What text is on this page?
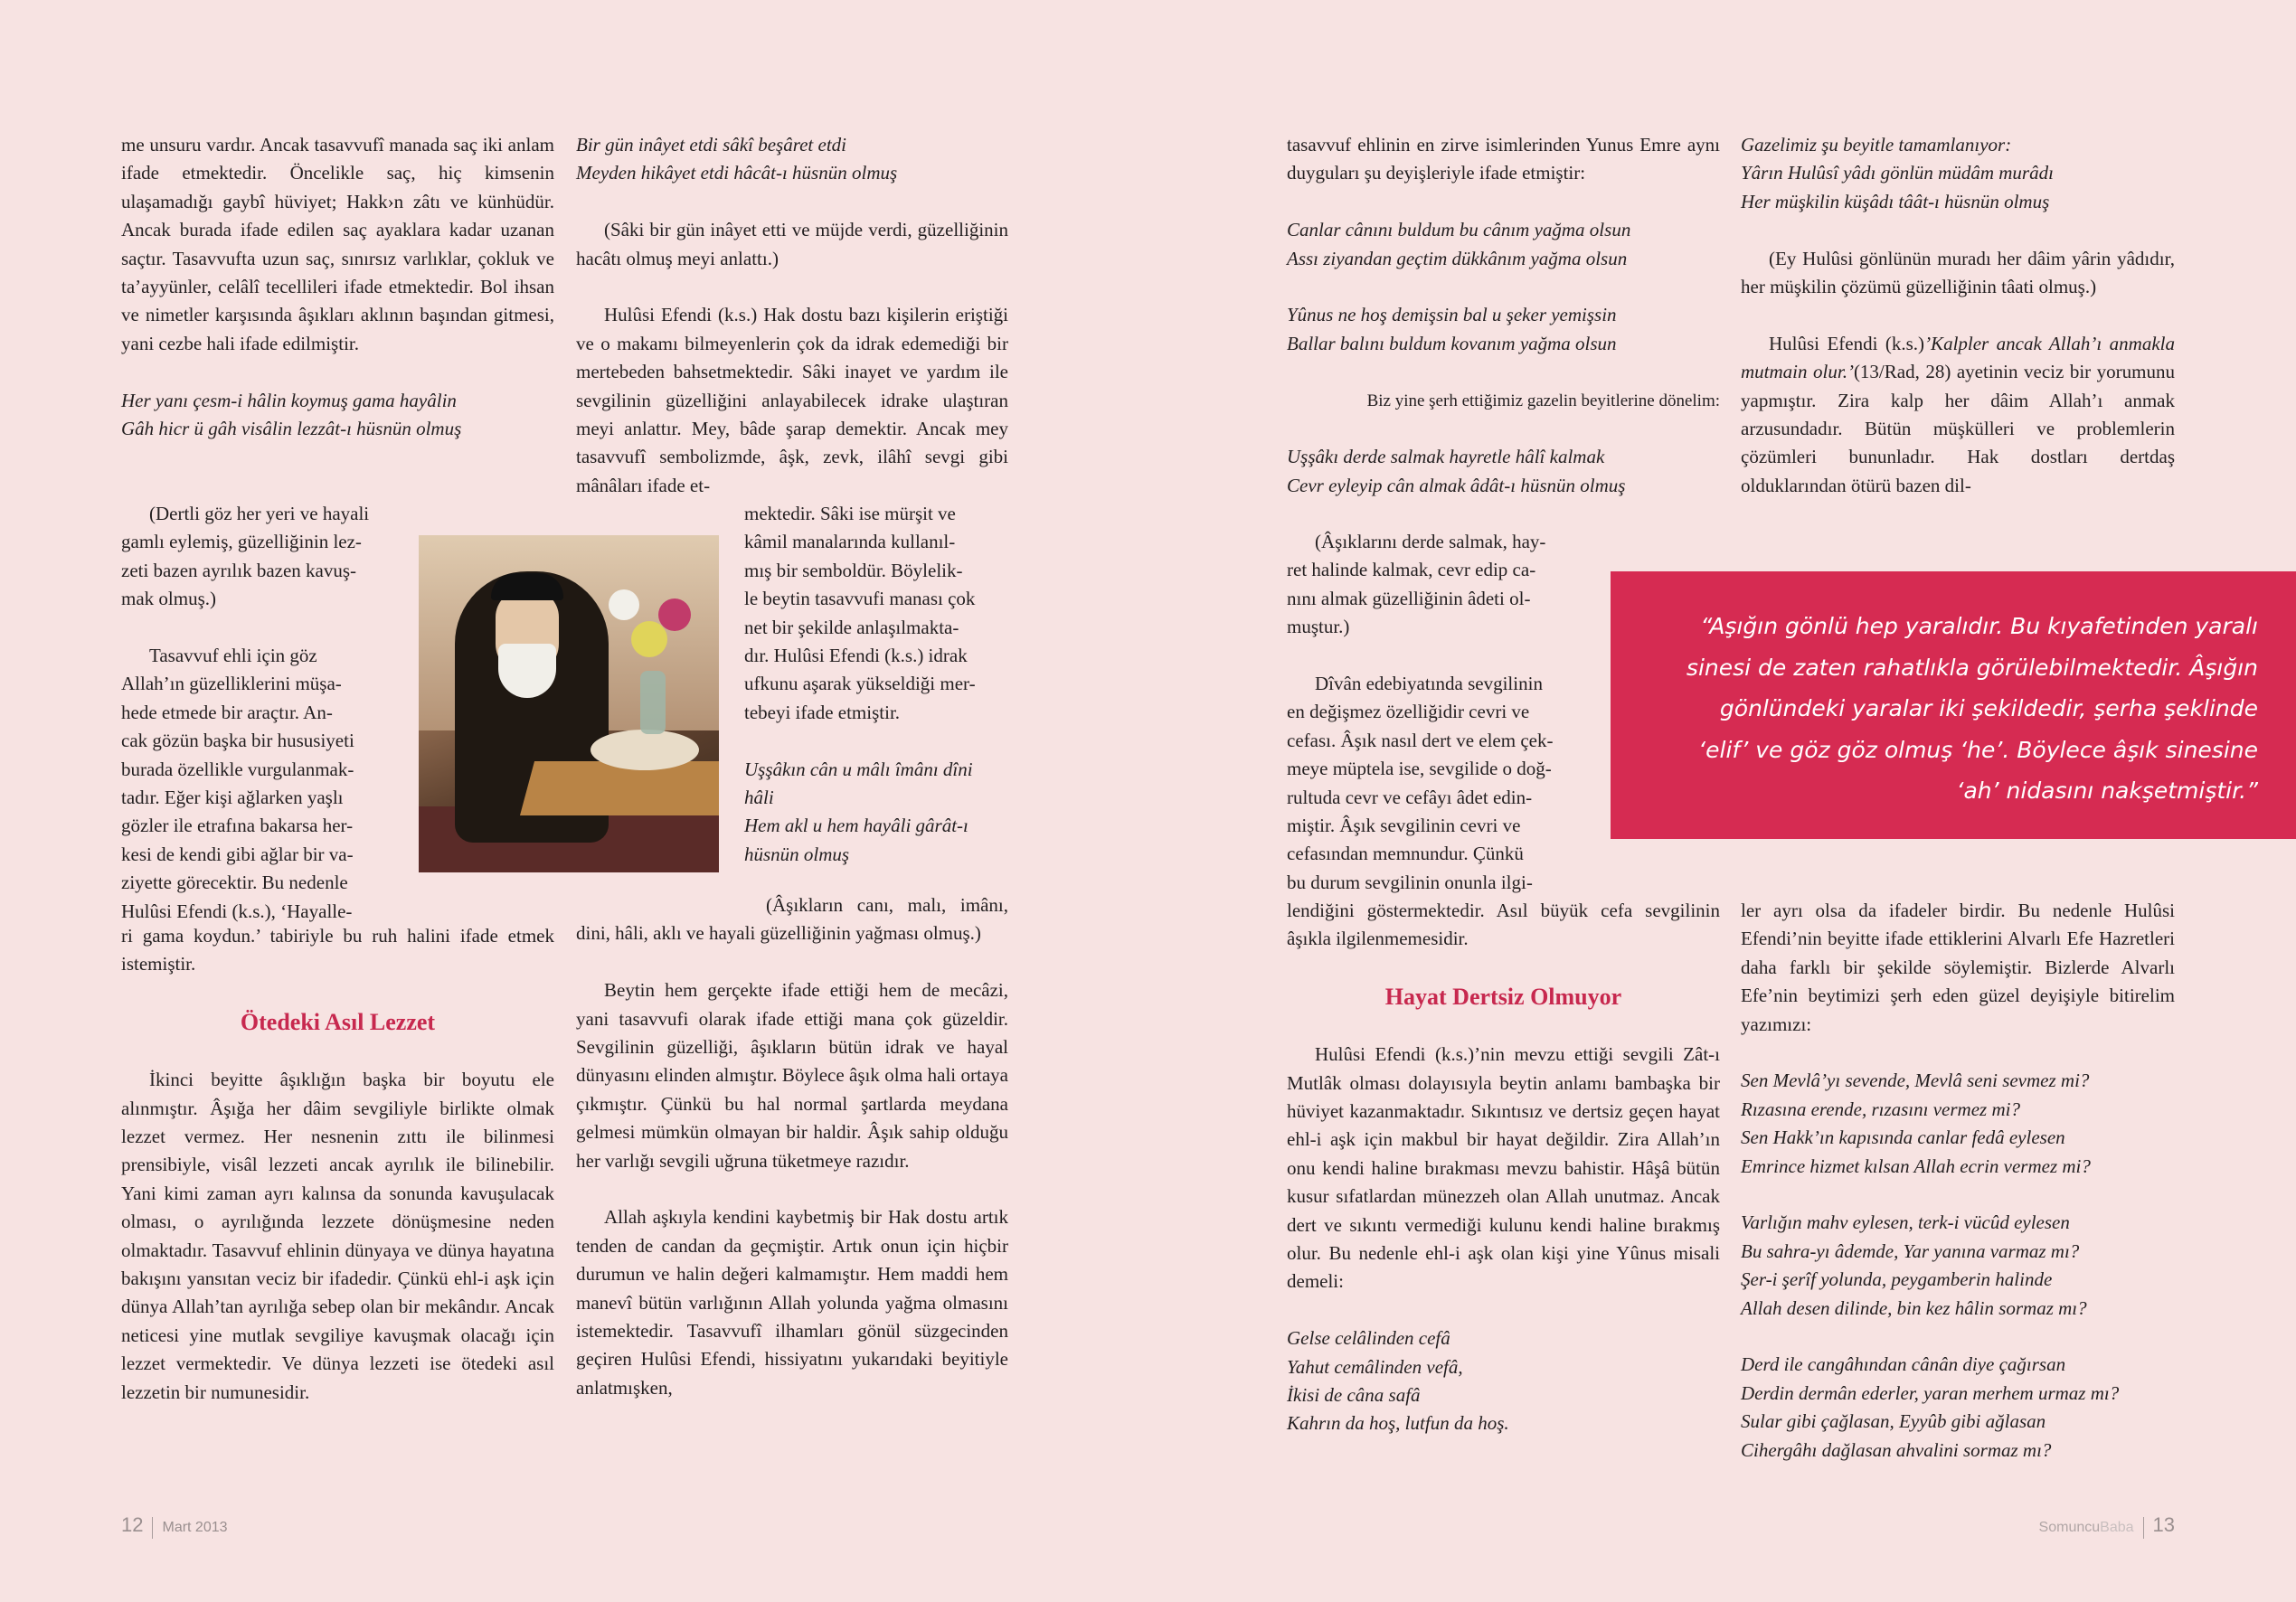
me unsuru vardır. Ancak tasavvufî manada saç iki anlam ifade etmektedir. Öncelikle saç, hiç kimsenin ulaşamadığı gaybî hüviyet; Hakk›n zâtı ve künhüdür. Ancak burada ifade edilen saç ayaklara kadar uzanan saçtır. Tasavvufta uzun saç, sınırsız varlıklar, çokluk ve ta’ayyünler, celâlî tecellileri ifade etmektedir. Bol ihsan ve nimetler karşısında âşıkları aklının başından gitmesi, yani cezbe hali ifade edilmiştir.

Her yanı çesm-i hâlin koymuş gama hayâlin
Gâh hicr ü gâh visâlin lezzât-ı hüsnün olmuş

(Dertli göz her yeri ve hayali
gamlı eylemiş, güzelliğinin lez-
zeti bazen ayrılık bazen kavuş-
mak olmuş.)
Tasavvuf ehli için göz
Allah’ın güzelliklerini müşa-
hede etmede bir araçtır. An-
cak gözün başka bir hususiyeti
burada özellikle vurgulanmak-
tadır. Eğer kişi ağlarken yaşlı
gözler ile etrafına bakarsa her-
kesi de kendi gibi ağlar bir va-
ziyette görecektir. Bu nedenle
Hulûsi Efendi (k.s.), ‘Hayalle-

ri gama koydun.’ tabiriyle bu ruh halini ifade etmek istemiştir.

Ötedeki Asıl Lezzet

İkinci beyitte âşıklığın başka bir boyutu ele alınmıştır. Âşığa her dâim sevgiliyle birlikte olmak lezzet vermez. Her nesnenin zıttı ile bilinmesi prensibiyle, visâl lezzeti ancak ayrılık ile bilinebilir. Yani kimi zaman ayrı kalınsa da sonunda kavuşulacak olması, o ayrılığında lezzete dönüşmesine neden olmaktadır. Tasavvuf ehlinin dünyaya ve dünya hayatına bakışını yansıtan veciz bir ifadedir. Çünkü ehl-i aşk için dünya Allah’tan ayrılığa sebep olan bir mekândır. Ancak neticesi yine mutlak sevgiliye kavuşmak olacağı için lezzet vermektedir. Ve dünya lezzeti ise ötedeki asıl lezzetin bir numunesidir.

Bir gün inâyet etdi sâkî beşâret etdi
Meyden hikâyet etdi hâcât-ı hüsnün olmuş

(Sâki bir gün inâyet etti ve müjde verdi, güzelliğinin hacâtı olmuş meyi anlattı.)

Hulûsi Efendi (k.s.) Hak dostu bazı kişilerin eriştiği ve o makamı bilmeyenlerin çok da idrak edemediği bir mertebeden bahsetmektedir. Sâki inayet ve yardım ile sevgilinin güzelliğini anlayabilecek idrake ulaştıran meyi anlattır. Mey, bâde şarap demektir. Ancak mey tasavvufî sembolizmde, âşk, zevk, ilâhî sevgi gibi mânâları ifade et-

mektedir. Sâki ise mürşit ve
kâmil manalarında kullanıl-
mış bir semboldür. Böylelik-
le beytin tasavvufi manası çok
net bir şekilde anlaşılmakta-
dır. Hulûsi Efendi (k.s.) idrak
ufkunu aşarak yükseldiği mer-
tebeyi ifade etmiştir.
Uşşâkın cân u mâlı îmânı dîni
hâli
Hem akl u hem hayâli gârât-ı
hüsnün olmuş

(Âşıkların canı, malı, imânı, dini, hâli, aklı ve hayali güzelliğinin yağması olmuş.)

Beytin hem gerçekte ifade ettiği hem de mecâzi, yani tasavvufi olarak ifade ettiği mana çok güzeldir. Sevgilinin güzelliği, âşıkların bütün idrak ve hayal dünyasını elinden almıştır. Böylece âşık olma hali ortaya çıkmıştır. Çünkü bu hal normal şartlarda meydana gelmesi mümkün olmayan bir haldir. Âşık sahip olduğu her varlığı sevgili uğruna tüketmeye razıdır.

Allah aşkıyla kendini kaybetmiş bir Hak dostu artık tenden de candan da geçmiştir. Artık onun için hiçbir durumun ve halin değeri kalmamıştır. Hem maddi hem manevî bütün varlığının Allah yolunda yağma olmasını istemektedir. Tasavvufî ilhamları gönül süzgecinden geçiren Hulûsi Efendi, hissiyatını yukarıdaki beyitiyle anlatmışken,

12 Mart 2013

tasavvuf ehlinin en zirve isimlerinden Yunus Emre aynı duyguları şu deyişleriyle ifade etmiştir:

Canlar cânını buldum bu cânım yağma olsun
Assı ziyandan geçtim dükkânım yağma olsun

Yûnus ne hoş demişsin bal u şeker yemişsin
Ballar balını buldum kovanım yağma olsun

Biz yine şerh ettiğimiz gazelin beyitlerine dönelim:

Uşşâkı derde salmak hayretle hâlî kalmak
Cevr eyleyip cân almak âdât-ı hüsnün olmuş

(Âşıklarını derde salmak, hay-
ret halinde kalmak, cevr edip ca-
nını almak güzelliğinin âdeti ol-
muştur.)
Dîvân edebiyatında sevgilinin
en değişmez özelliğidir cevri ve
cefası. Âşık nasıl dert ve elem çek-
meye müptela ise, sevgilide o doğ-
rultuda cevr ve cefâyı âdet edin-
miştir. Âşık sevgilinin cevri ve
cefasından memnundur. Çünkü
bu durum sevgilinin onunla ilgi-

lendiğini göstermektedir. Asıl büyük cefa sevgilinin âşıkla ilgilenmemesidir.

Hayat Dertsiz Olmuyor

Hulûsi Efendi (k.s.)’nin mevzu ettiği sevgili Zât-ı Mutlâk olması dolayısıyla beytin anlamı bambaşka bir hüviyet kazanmaktadır. Sıkıntısız ve dertsiz geçen hayat ehl-i aşk için makbul bir hayat değildir. Zira Allah’ın onu kendi haline bırakması mevzu bahistir. Hâşâ bütün kusur sıfatlardan münezzeh olan Allah unutmaz. Ancak dert ve sıkıntı vermediği kulunu kendi haline bırakmış olur. Bu nedenle ehl-i aşk olan kişi yine Yûnus misali demeli:

Gelse celâlinden cefâ
Yahut cemâlinden vefâ,
İkisi de câna safâ
Kahrın da hoş, lutfun da hoş.

Gazelimiz şu beyitle tamamlanıyor:
Yârın Hulûsî yâdı gönlün müdâm murâdı
Her müşkilin küşâdı tâât-ı hüsnün olmuş

(Ey Hulûsi gönlünün muradı her dâim yârin yâdıdır, her müşkilin çözümü güzelliğinin tâati olmuş.)

Hulûsi Efendi (k.s.)’Kalpler ancak Allah’ı anmakla mutmain olur.’(13/Rad, 28) ayetinin veciz bir yorumunu yapmıştır. Zira kalp her dâim Allah’ı anmak arzusundadır. Bütün müşkülleri ve problemlerin çözümleri bununladır. Hak dostları dertdaş olduklarından ötürü bazen dil-

“Aşığın gönlü hep yaralıdır. Bu kıyafetinden yaralı
sinesi de zaten rahatlıkla görülebilmektedir. Âşığın
gönlündeki yaralar iki şekildedir, şerha şeklinde
‘elif’ ve göz göz olmuş ‘he’. Böylece âşık sinesine
‘ah’ nidasını nakşetmiştir.”

ler ayrı olsa da ifadeler birdir. Bu nedenle Hulûsi Efendi’nin beyitte ifade ettiklerini Alvarlı Efe Hazretleri daha farklı bir şekilde söylemiştir. Bizlerde Alvarlı Efe’nin beytimizi şerh eden güzel deyişiyle bitirelim yazımızı:

Sen Mevlâ’yı sevende, Mevlâ seni sevmez mi?
Rızasına erende, rızasını vermez mi?
Sen Hakk’ın kapısında canlar fedâ eylesen
Emrince hizmet kılsan Allah ecrin vermez mi?

Varlığın mahv eylesen, terk-i vücûd eylesen
Bu sahra-yı âdemde, Yar yanına varmaz mı?
Şer-i şerîf yolunda, peygamberin halinde
Allah desen dilinde, bin kez hâlin sormaz mı?

Derd ile cangâhından cânân diye çağırsan
Derdin dermân ederler, yaran merhem urmaz mı?
Sular gibi çağlasan, Eyyûb gibi ağlasan
Cihergâhı dağlasan ahvalini sormaz mı?

SomuncuBaba 13
